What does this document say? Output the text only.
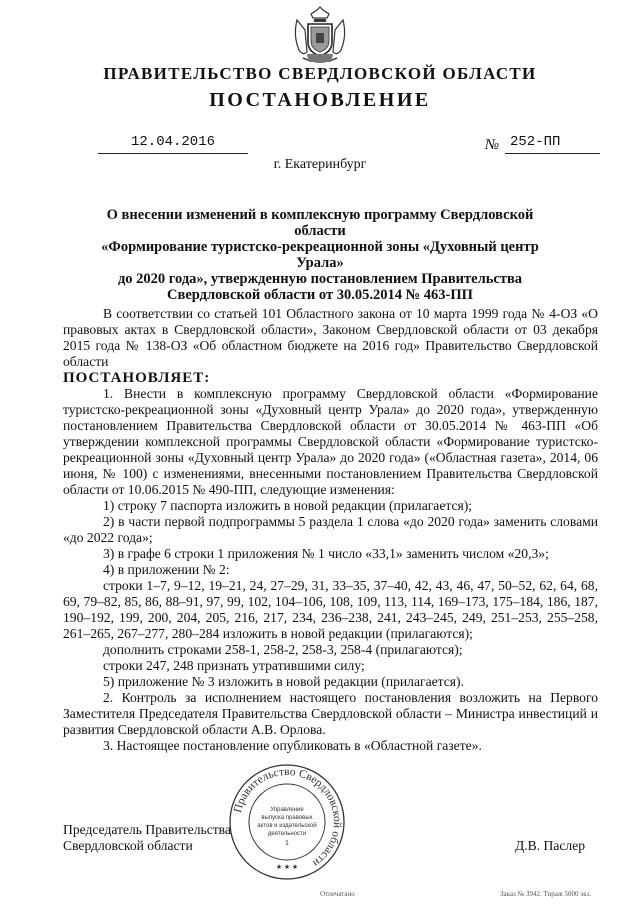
ПРАВИТЕЛЬСТВО СВЕРДЛОВСКОЙ ОБЛАСТИ
ПОСТАНОВЛЕНИЕ
12.04.2016	№ 252-ПП
г. Екатеринбург
О внесении изменений в комплексную программу Свердловской области
«Формирование туристско-рекреационной зоны «Духовный центр Урала»
до 2020 года», утвержденную постановлением Правительства
Свердловской области от 30.05.2014 № 463-ПП

В соответствии со статьей 101 Областного закона от 10 марта 1999 года № 4-ОЗ «О правовых актах в Свердловской области», Законом Свердловской области от 03 декабря 2015 года № 138-ОЗ «Об областном бюджете на 2016 год» Правительство Свердловской области

ПОСТАНОВЛЯЕТ:

1. Внести в комплексную программу Свердловской области «Формирование туристско-рекреационной зоны «Духовный центр Урала» до 2020 года», утвержденную постановлением Правительства Свердловской области от 30.05.2014 № 463-ПП «Об утверждении комплексной программы Свердловской области «Формирование туристско-рекреационной зоны «Духовный центр Урала» до 2020 года» («Областная газета», 2014, 06 июня, № 100) с изменениями, внесенными постановлением Правительства Свердловской области от 10.06.2015 № 490-ПП, следующие изменения:

1) строку 7 паспорта изложить в новой редакции (прилагается);

2) в части первой подпрограммы 5 раздела 1 слова «до 2020 года» заменить словами «до 2022 года»;

3) в графе 6 строки 1 приложения № 1 число «33,1» заменить числом «20,3»;

4) в приложении № 2:

строки 1–7, 9–12, 19–21, 24, 27–29, 31, 33–35, 37–40, 42, 43, 46, 47, 50–52, 62, 64, 68, 69, 79–82, 85, 86, 88–91, 97, 99, 102, 104–106, 108, 109, 113, 114, 169–173, 175–184, 186, 187, 190–192, 199, 200, 204, 205, 216, 217, 234, 236–238, 241, 243–245, 249, 251–253, 255–258, 261–265, 267–277, 280–284 изложить в новой редакции (прилагаются);

дополнить строками 258-1, 258-2, 258-3, 258-4 (прилагаются);

строки 247, 248 признать утратившими силу;

5) приложение № 3 изложить в новой редакции (прилагается).

2. Контроль за исполнением настоящего постановления возложить на Первого Заместителя Председателя Правительства Свердловской области – Министра инвестиций и развития Свердловской области А.В. Орлова.

3. Настоящее постановление опубликовать в «Областной газете».

Председатель Правительства
Свердловской области	Д.В. Паслер
Правительство Свердловской области
Управление
выпуска правовых
актов и издательской
деятельности
1
★ ★ ★
Отпечатано	Заказ № 3942. Тираж 5000 экз.
